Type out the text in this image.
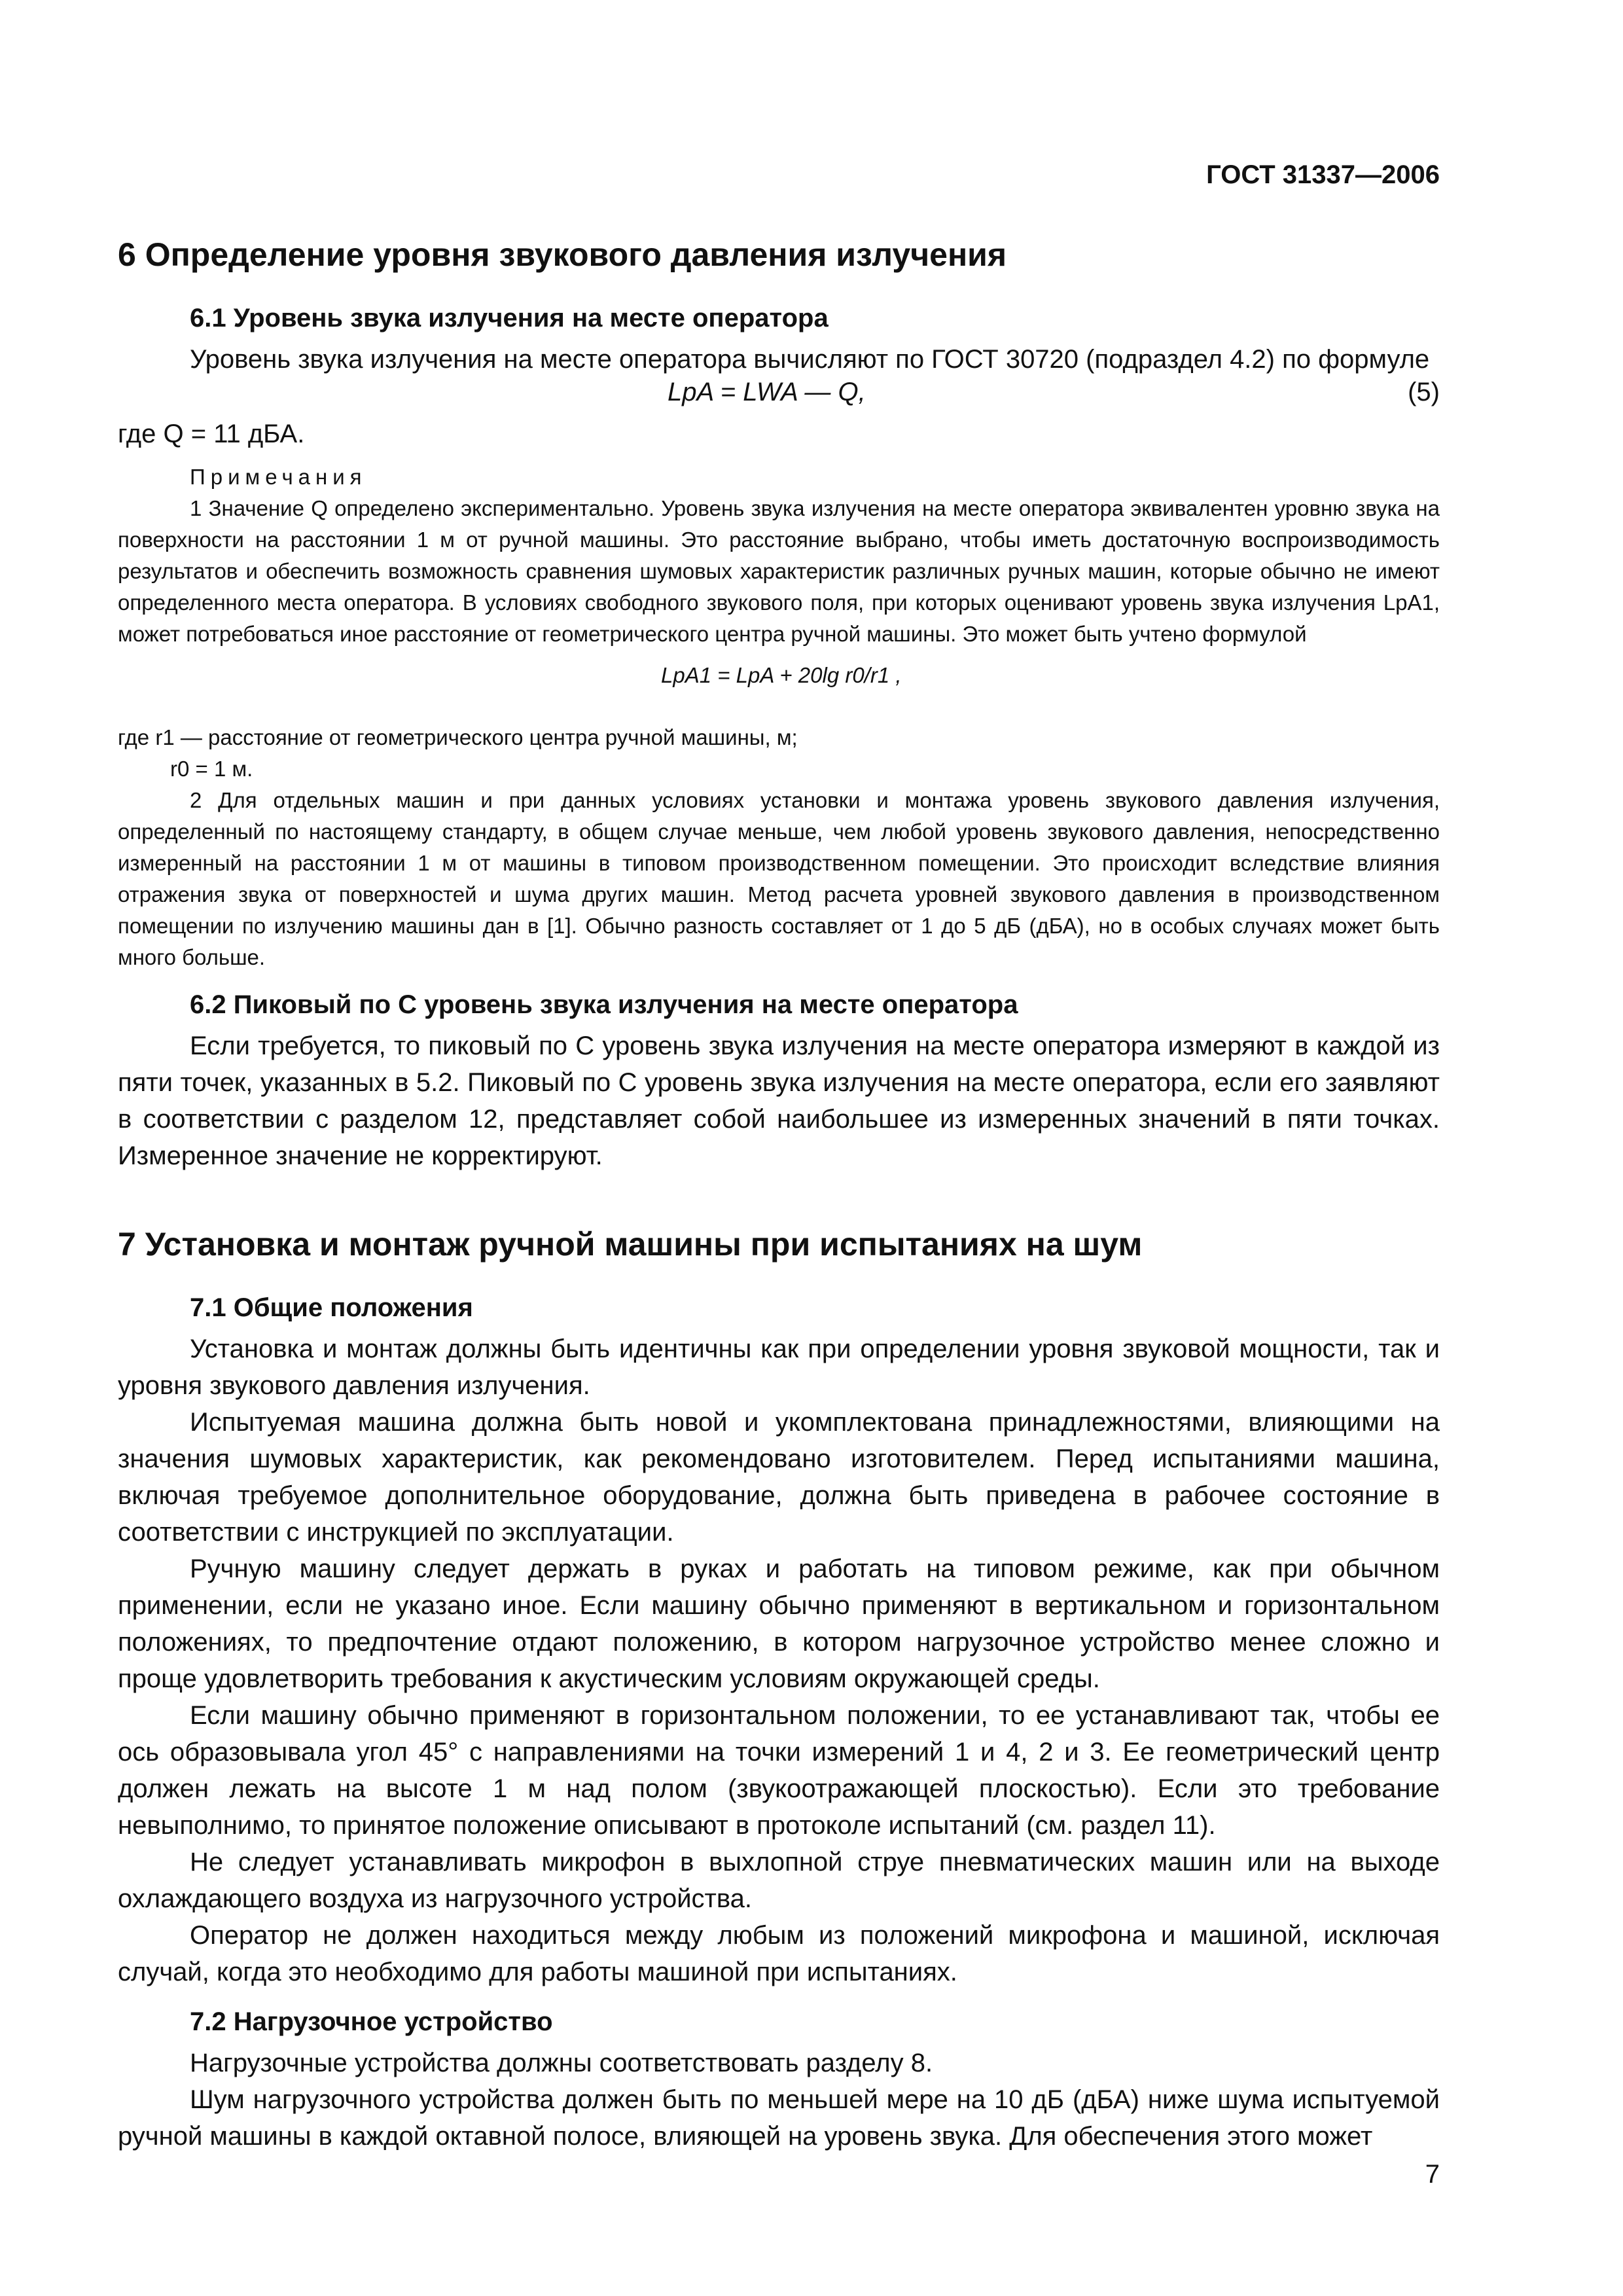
ГОСТ 31337—2006
6 Определение уровня звукового давления излучения
6.1 Уровень звука излучения на месте оператора

Уровень звука излучения на месте оператора вычисляют по ГОСТ 30720 (подраздел 4.2) по формуле

LpA = LWA — Q,	(5)

где Q = 11 дБА.

Примечания

1 Значение Q определено экспериментально. Уровень звука излучения на месте оператора эквивалентен уровню звука на поверхности на расстоянии 1 м от ручной машины. Это расстояние выбрано, чтобы иметь достаточную воспроизводимость результатов и обеспечить возможность сравнения шумовых характеристик различных ручных машин, которые обычно не имеют определенного места оператора. В условиях свободного звукового поля, при которых оценивают уровень звука излучения LpA1, может потребоваться иное расстояние от геометрического центра ручной машины. Это может быть учтено формулой

LpA1 = LpA + 20lg r0/r1 ,

где r1 — расстояние от геометрического центра ручной машины, м;

r0 = 1 м.

2 Для отдельных машин и при данных условиях установки и монтажа уровень звукового давления излучения, определенный по настоящему стандарту, в общем случае меньше, чем любой уровень звукового давления, непосредственно измеренный на расстоянии 1 м от машины в типовом производственном помещении. Это происходит вследствие влияния отражения звука от поверхностей и шума других машин. Метод расчета уровней звукового давления в производственном помещении по излучению машины дан в [1]. Обычно разность составляет от 1 до 5 дБ (дБА), но в особых случаях может быть много больше.

6.2 Пиковый по С уровень звука излучения на месте оператора

Если требуется, то пиковый по С уровень звука излучения на месте оператора измеряют в каждой из пяти точек, указанных в 5.2. Пиковый по С уровень звука излучения на месте оператора, если его заявляют в соответствии с разделом 12, представляет собой наибольшее из измеренных значений в пяти точках. Измеренное значение не корректируют.

7 Установка и монтаж ручной машины при испытаниях на шум
7.1 Общие положения

Установка и монтаж должны быть идентичны как при определении уровня звуковой мощности, так и уровня звукового давления излучения.

Испытуемая машина должна быть новой и укомплектована принадлежностями, влияющими на значения шумовых характеристик, как рекомендовано изготовителем. Перед испытаниями машина, включая требуемое дополнительное оборудование, должна быть приведена в рабочее состояние в соответствии с инструкцией по эксплуатации.

Ручную машину следует держать в руках и работать на типовом режиме, как при обычном применении, если не указано иное. Если машину обычно применяют в вертикальном и горизонтальном положениях, то предпочтение отдают положению, в котором нагрузочное устройство менее сложно и проще удовлетворить требования к акустическим условиям окружающей среды.

Если машину обычно применяют в горизонтальном положении, то ее устанавливают так, чтобы ее ось образовывала угол 45° с направлениями на точки измерений 1 и 4, 2 и 3. Ее геометрический центр должен лежать на высоте 1 м над полом (звукоотражающей плоскостью). Если это требование невыполнимо, то принятое положение описывают в протоколе испытаний (см. раздел 11).

Не следует устанавливать микрофон в выхлопной струе пневматических машин или на выходе охлаждающего воздуха из нагрузочного устройства.

Оператор не должен находиться между любым из положений микрофона и машиной, исключая случай, когда это необходимо для работы машиной при испытаниях.

7.2 Нагрузочное устройство

Нагрузочные устройства должны соответствовать разделу 8.

Шум нагрузочного устройства должен быть по меньшей мере на 10 дБ (дБА) ниже шума испытуемой ручной машины в каждой октавной полосе, влияющей на уровень звука. Для обеспечения этого может

7
